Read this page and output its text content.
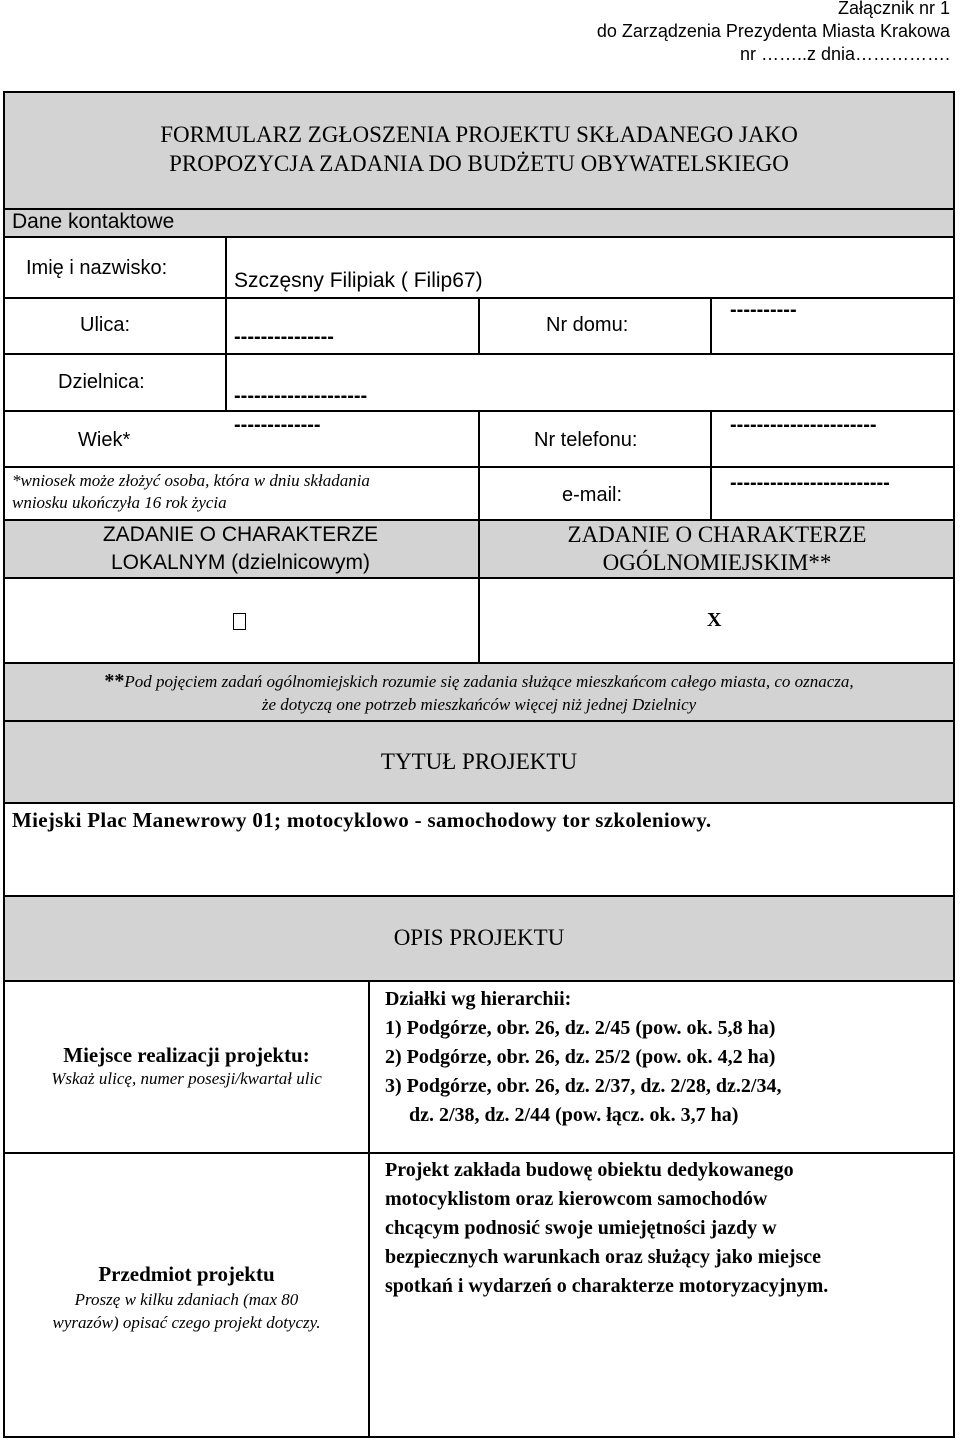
Załącznik nr 1
do Zarządzenia Prezydenta Miasta Krakowa
nr ……..z dnia…………….
FORMULARZ ZGŁOSZENIA PROJEKTU SKŁADANEGO JAKO
PROPOZYCJA ZADANIA DO BUDŻETU OBYWATELSKIEGO
Dane kontaktowe
Imię i nazwisko:
Szczęsny Filipiak ( Filip67)
Ulica:
---------------
Nr domu:
----------
Dzielnica:
--------------------
Wiek*
-------------
Nr telefonu:
----------------------
*wniosek może złożyć osoba, która w dniu składania
wniosku ukończyła 16 rok życia	e-mail:
------------------------
ZADANIE O CHARAKTERZE
LOKALNYM (dzielnicowym)
ZADANIE O CHARAKTERZE
OGÓLNOMIEJSKIM**
X
**Pod pojęciem zadań ogólnomiejskich rozumie się zadania służące mieszkańcom całego miasta, co oznacza,
że dotyczą one potrzeb mieszkańców więcej niż jednej Dzielnicy
TYTUŁ PROJEKTU
Miejski Plac Manewrowy 01; motocyklowo - samochodowy tor szkoleniowy.
OPIS PROJEKTU
Miejsce realizacji projektu:
Wskaż ulicę, numer posesji/kwartał ulic
Działki wg hierarchii:
1) Podgórze, obr. 26, dz. 2/45 (pow. ok. 5,8 ha)
2) Podgórze, obr. 26, dz. 25/2 (pow. ok. 4,2 ha)
3) Podgórze, obr. 26, dz. 2/37, dz. 2/28, dz.2/34,
dz. 2/38, dz. 2/44 (pow. łącz. ok. 3,7 ha)
Przedmiot projektu
Proszę w kilku zdaniach (max 80
wyrazów) opisać czego projekt dotyczy.
Projekt zakłada budowę obiektu dedykowanego
motocyklistom oraz kierowcom samochodów
chcącym podnosić swoje umiejętności jazdy w
bezpiecznych warunkach oraz służący jako miejsce
spotkań i wydarzeń o charakterze motoryzacyjnym.
